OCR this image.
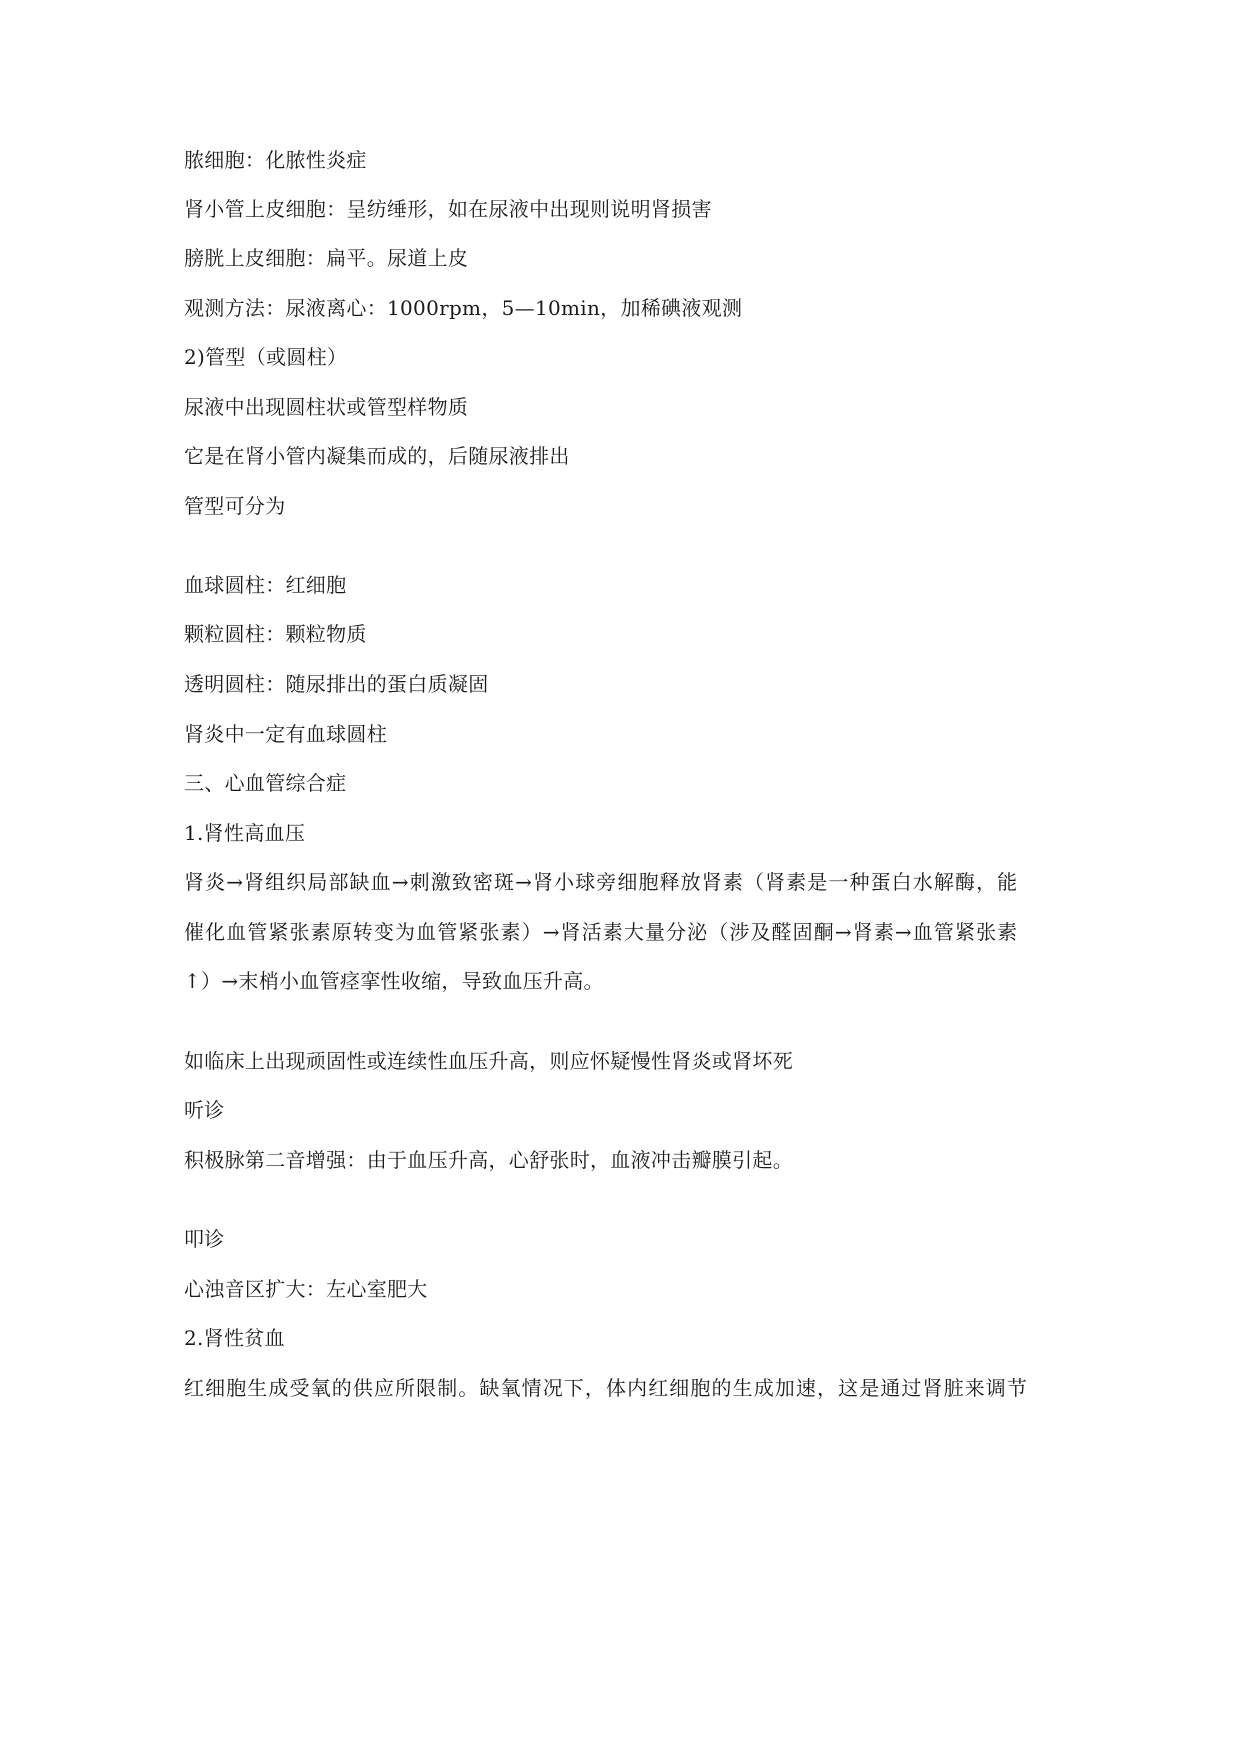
脓细胞：化脓性炎症
肾小管上皮细胞：呈纺缍形，如在尿液中出现则说明肾损害
膀胱上皮细胞：扁平。尿道上皮
观测方法：尿液离心：1000rpm，5—10min，加稀碘液观测
2)管型（或圆柱）
尿液中出现圆柱状或管型样物质
它是在肾小管内凝集而成的，后随尿液排出
管型可分为
血球圆柱：红细胞
颗粒圆柱：颗粒物质
透明圆柱：随尿排出的蛋白质凝固
肾炎中一定有血球圆柱
三、心血管综合症
1.肾性高血压
肾炎→肾组织局部缺血→刺激致密斑→肾小球旁细胞释放肾素（肾素是一种蛋白水解酶，能
催化血管紧张素原转变为血管紧张素）→肾活素大量分泌（涉及醛固酮→肾素→血管紧张素
↑）→末梢小血管痉挛性收缩，导致血压升高。
如临床上出现顽固性或连续性血压升高，则应怀疑慢性肾炎或肾坏死
听诊
积极脉第二音增强：由于血压升高，心舒张时，血液冲击瓣膜引起。
叩诊
心浊音区扩大：左心室肥大
2.肾性贫血
红细胞生成受氧的供应所限制。缺氧情况下，体内红细胞的生成加速，这是通过肾脏来调节
